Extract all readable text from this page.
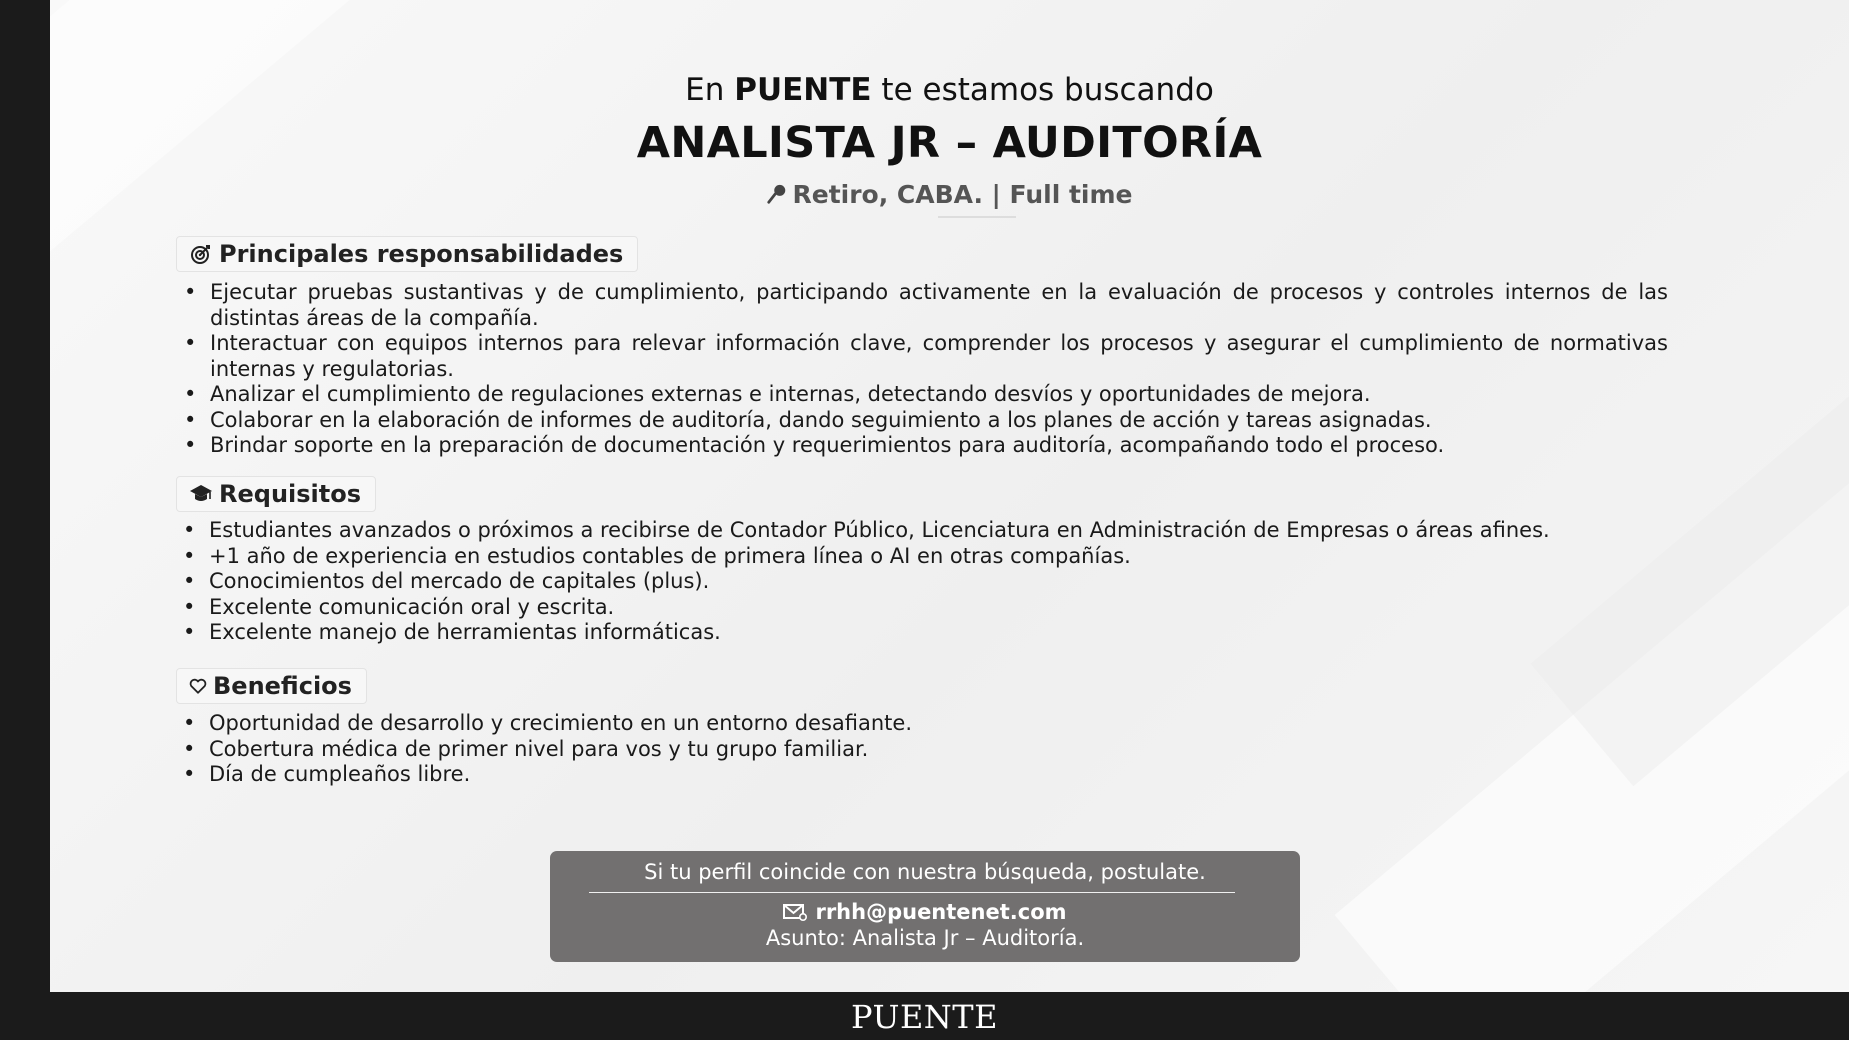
En PUENTE te estamos buscando
ANALISTA JR – AUDITORÍA
Retiro, CABA. | Full time
Principales responsabilidades
• Ejecutar pruebas sustantivas y de cumplimiento, participando activamente en la evaluación de procesos y controles internos de las distintas áreas de la compañía.
• Interactuar con equipos internos para relevar información clave, comprender los procesos y asegurar el cumplimiento de normativas internas y regulatorias.
• Analizar el cumplimiento de regulaciones externas e internas, detectando desvíos y oportunidades de mejora.
• Colaborar en la elaboración de informes de auditoría, dando seguimiento a los planes de acción y tareas asignadas.
• Brindar soporte en la preparación de documentación y requerimientos para auditoría, acompañando todo el proceso.
Requisitos
• Estudiantes avanzados o próximos a recibirse de Contador Público, Licenciatura en Administración de Empresas o áreas afines.
• +1 año de experiencia en estudios contables de primera línea o AI en otras compañías.
• Conocimientos del mercado de capitales (plus).
• Excelente comunicación oral y escrita.
• Excelente manejo de herramientas informáticas.
Beneficios
• Oportunidad de desarrollo y crecimiento en un entorno desafiante.
• Cobertura médica de primer nivel para vos y tu grupo familiar.
• Día de cumpleaños libre.
Si tu perfil coincide con nuestra búsqueda, postulate.
rrhh@puentenet.com
Asunto: Analista Jr – Auditoría.
PUENTE
